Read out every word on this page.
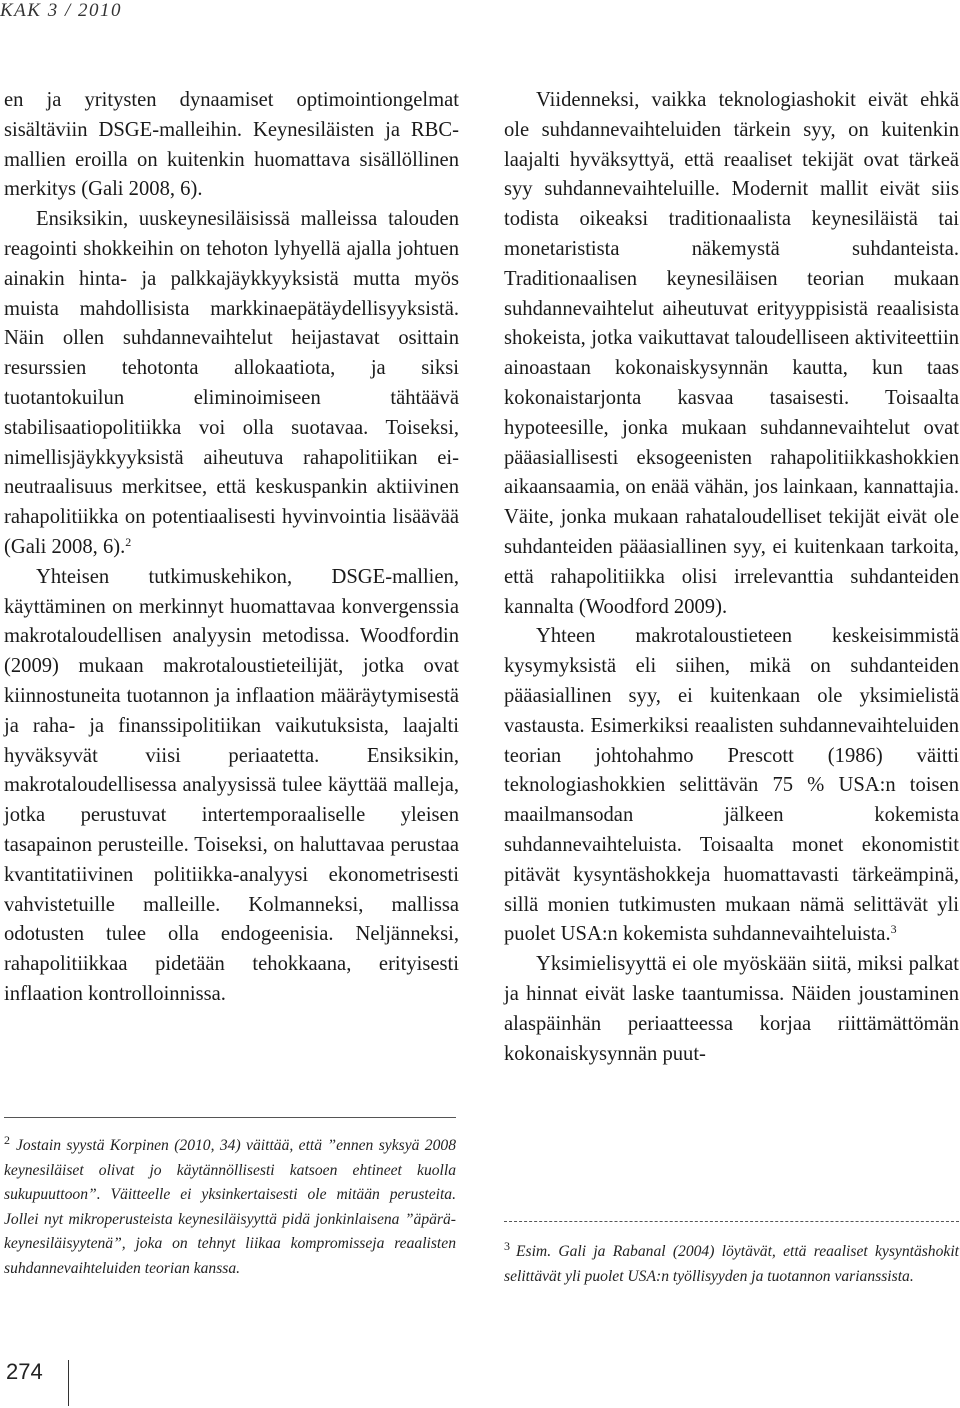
KAK 3 / 2010

en ja yritysten dynaamiset optimointiongelmat sisältäviin DSGE-malleihin. Keynesiläisten ja RBC-mallien eroilla on kuitenkin huomattava sisällöllinen merkitys (Gali 2008, 6).

Ensiksikin, uuskeynesiläisissä malleissa talouden reagointi shokkeihin on tehoton lyhyellä ajalla johtuen ainakin hinta- ja palkkajäykkyyksistä mutta myös muista mahdollisista markkinaepätäydellisyyksistä. Näin ollen suhdannevaihtelut heijastavat osittain resurssien tehotonta allokaatiota, ja siksi tuotantokuilun eliminoimiseen tähtäävä stabilisaatiopolitiikka voi olla suotavaa. Toiseksi, nimellisjäykkyyksistä aiheutuva rahapolitiikan ei-neutraalisuus merkitsee, että keskuspankin aktiivinen rahapolitiikka on potentiaalisesti hyvinvointia lisäävää (Gali 2008, 6).$^2$

Yhteisen tutkimuskehikon, DSGE-mallien, käyttäminen on merkinnyt huomattavaa konvergenssia makrotaloudellisen analyysin metodissa. Woodfordin (2009) mukaan makrotaloustieteilijät, jotka ovat kiinnostuneita tuotannon ja inflaation määräytymisestä ja raha- ja finanssipolitiikan vaikutuksista, laajalti hyväksyvät viisi periaatetta. Ensiksikin, makrotaloudellisessa analyysissä tulee käyttää malleja, jotka perustuvat intertemporaaliselle yleisen tasapainon perusteille. Toiseksi, on haluttavaa perustaa kvantitatiivinen politiikka-analyysi ekonometrisesti vahvistetuille malleille. Kolmanneksi, mallissa odotusten tulee olla endogeenisia. Neljänneksi, rahapolitiikkaa pidetään tehokkaana, erityisesti inflaation kontrolloinnissa.

Viidenneksi, vaikka teknologiashokit eivät ehkä ole suhdannevaihteluiden tärkein syy, on kuitenkin laajalti hyväksyttyä, että reaaliset tekijät ovat tärkeä syy suhdannevaihteluille. Modernit mallit eivät siis todista oikeaksi traditionaalista keynesiläistä tai monetaristista näkemystä suhdanteista. Traditionaalisen keynesiläisen teorian mukaan suhdannevaihtelut aiheutuvat erityyppisistä reaalisista shokeista, jotka vaikuttavat taloudelliseen aktiviteettiin ainoastaan kokonaiskysynnän kautta, kun taas kokonaistarjonta kasvaa tasaisesti. Toisaalta hypoteesille, jonka mukaan suhdannevaihtelut ovat pääasiallisesti eksogeenisten rahapolitiikkashokkien aikaansaamia, on enää vähän, jos lainkaan, kannattajia. Väite, jonka mukaan rahataloudelliset tekijät eivät ole suhdanteiden pääasiallinen syy, ei kuitenkaan tarkoita, että rahapolitiikka olisi irrelevanttia suhdanteiden kannalta (Woodford 2009).

Yhteen makrotaloustieteen keskeisimmistä kysymyksistä eli siihen, mikä on suhdanteiden pääasiallinen syy, ei kuitenkaan ole yksimielistä vastausta. Esimerkiksi reaalisten suhdannevaihteluiden teorian johtohahmo Prescott (1986) väitti teknologiashokkien selittävän 75 % USA:n toisen maailmansodan jälkeen kokemista suhdannevaihteluista. Toisaalta monet ekonomistit pitävät kysyntäshokkeja huomattavasti tärkeämpinä, sillä monien tutkimusten mukaan nämä selittävät yli puolet USA:n kokemista suhdannevaihteluista.$^3$

Yksimielisyyttä ei ole myöskään siitä, miksi palkat ja hinnat eivät laske taantumissa. Näiden joustaminen alaspäinhän periaatteessa korjaa riittämättömän kokonaiskysynnän puut-

$^2$ Jostain syystä Korpinen (2010, 34) väittää, että ”ennen syksyä 2008 keynesiläiset olivat jo käytännöllisesti katsoen ehtineet kuolla sukupuuttoon”. Väitteelle ei yksinkertaisesti ole mitään perusteita. Jollei nyt mikroperusteista keynesiläisyyttä pidä jonkinlaisena ”äpärä-keynesiläisyytenä”, joka on tehnyt liikaa kompromisseja reaalisten suhdannevaihteluiden teorian kanssa.
$^3$ Esim. Gali ja Rabanal (2004) löytävät, että reaaliset kysyntäshokit selittävät yli puolet USA:n työllisyyden ja tuotannon varianssista.
274
